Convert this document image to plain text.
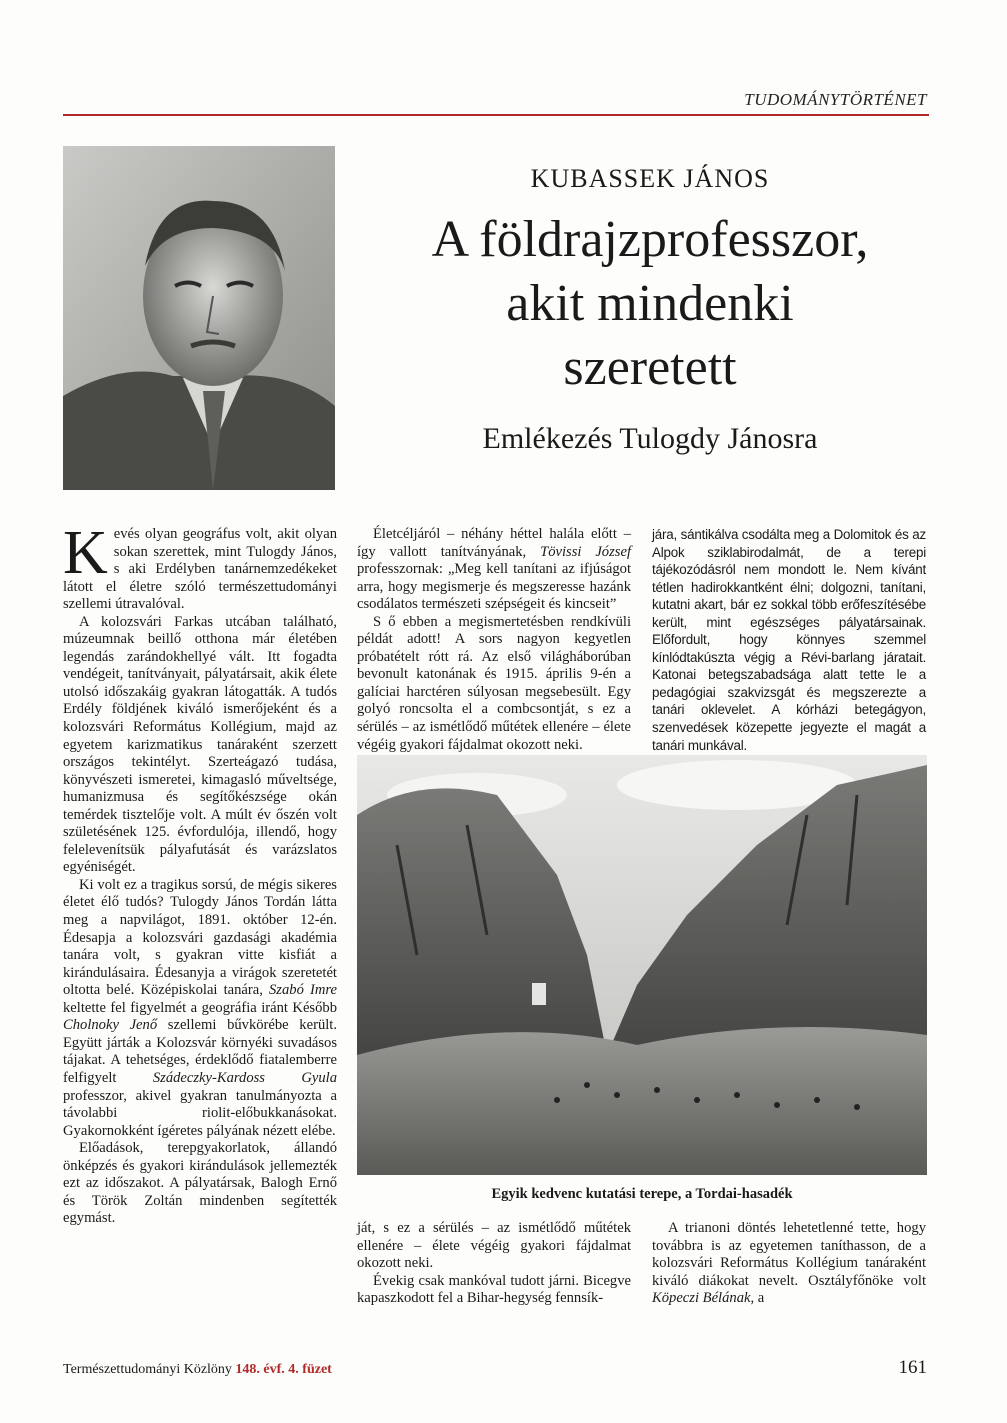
TUDOMÁNYTÖRTÉNET
KUBASSEK JÁNOS
A földrajzprofesszor,
akit mindenki
szeretett
Emlékezés Tulogdy Jánosra

Kevés olyan geográfus volt, akit olyan sokan szerettek, mint Tulogdy János, s aki Erdélyben tanárnemzedékeket látott el életre szóló természettudományi szellemi útravalóval.

A kolozsvári Farkas utcában található, múzeumnak beillő otthona már életében legendás zarándokhellyé vált. Itt fogadta vendégeit, tanítványait, pályatársait, akik élete utolsó időszakáig gyakran látogatták. A tudós Erdély földjének kiváló ismerőjeként és a kolozsvári Református Kollégium, majd az egyetem karizmatikus tanáraként szerzett országos tekintélyt. Szerteágazó tudása, könyvészeti ismeretei, kimagasló műveltsége, humanizmusa és segítőkészsége okán temérdek tisztelője volt. A múlt év őszén volt születésének 125. évfordulója, illendő, hogy felelevenítsük pályafutását és varázslatos egyéniségét.

Ki volt ez a tragikus sorsú, de mégis sikeres életet élő tudós? Tulogdy János Tordán látta meg a napvilágot, 1891. október 12-én. Édesapja a kolozsvári gazdasági akadémia tanára volt, s gyakran vitte kisfiát a kirándulásaira. Édesanyja a virágok szeretetét oltotta belé. Középiskolai tanára, Szabó Imre keltette fel figyelmét a geográfia iránt Később Cholnoky Jenő szellemi bűvkörébe került. Együtt járták a Kolozsvár környéki suvadásos tájakat. A tehetséges, érdeklődő fiatalemberre felfigyelt Szádeczky-Kardoss Gyula professzor, akivel gyakran tanulmányozta a távolabbi riolit-előbukkanásokat. Gyakornokként ígéretes pályának nézett elébe.

Előadások, terepgyakorlatok, állandó önképzés és gyakori kirándulások jellemezték ezt az időszakot. A pályatársak, Balogh Ernő és Török Zoltán mindenben segítették egymást.

Életcéljáról – néhány héttel halála előtt – így vallott tanítványának, Tövissi József professzornak: „Meg kell tanítani az ifjúságot arra, hogy megismerje és megszeresse hazánk csodálatos természeti szépségeit és kincseit”

S ő ebben a megismertetésben rendkívüli példát adott! A sors nagyon kegyetlen próbatételt rótt rá. Az első világháborúban bevonult katonának és 1915. április 9-én a galíciai harctéren súlyosan megsebesült. Egy golyó roncsolta el a combcsontját, s ez a sérülés – az ismétlődő műtétek ellenére – élete végéig gyakori fájdalmat okozott neki.

jára, sántikálva csodálta meg a Dolomitok és az Alpok sziklabirodalmát, de a terepi tájékozódásról nem mondott le. Nem kívánt tétlen hadirokkantként élni; dolgozni, tanítani, kutatni akart, bár ez sokkal több erőfeszítésébe került, mint egészséges pályatársainak. Előfordult, hogy könnyes szemmel kínlódtakúszta végig a Révi-barlang járatait. Katonai betegszabadsága alatt tette le a pedagógiai szakvizsgát és megszerezte a tanári oklevelet. A kórházi betegágyon, szenvedések közepette jegyezte el magát a tanári munkával.

Egyik kedvenc kutatási terepe, a Tordai-hasadék

ját, s ez a sérülés – az ismétlődő műtétek ellenére – élete végéig gyakori fájdalmat okozott neki.

Évekig csak mankóval tudott járni. Bicegve kapaszkodott fel a Bihar-hegység fennsík-

A trianoni döntés lehetetlenné tette, hogy továbbra is az egyetemen taníthasson, de a kolozsvári Református Kollégium tanáraként kiváló diákokat nevelt. Osztályfőnöke volt Köpeczi Bélának, a

Természettudományi Közlöny 148. évf. 4. füzet	161
